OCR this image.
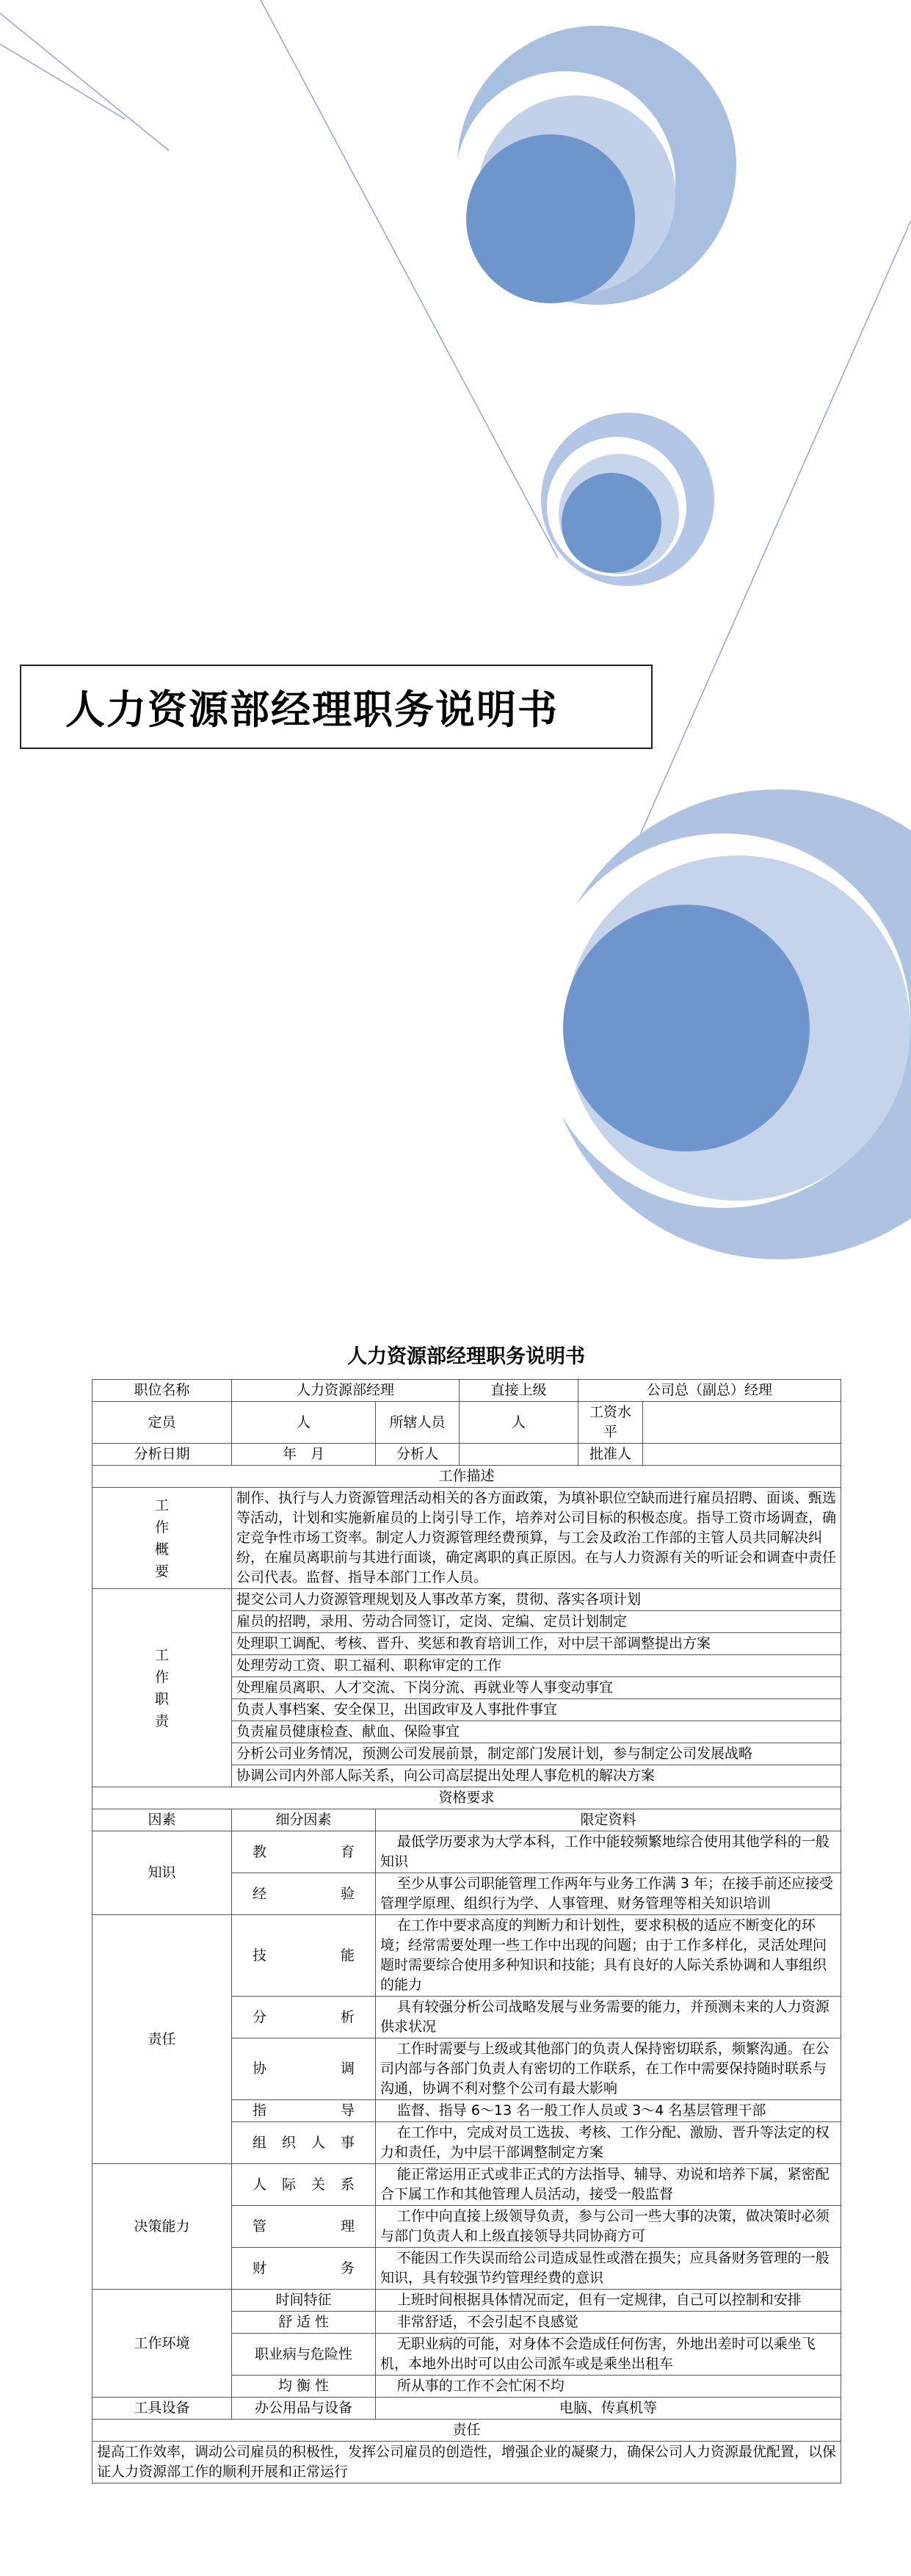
人力资源部经理职务说明书
人力资源部经理职务说明书
职位名称	人力资源部经理		直接上级	公司总（副总）经理	
定员	人	所辖人员	人	工资水平	
分析日期	年　月	分析人		批准人	
工作描述					
工作概要	制作、执行与人力资源管理活动相关的各方面政策，为填补职位空缺而进行雇员招聘、面谈、甄选等活动，计划和实施新雇员的上岗引导工作，培养对公司目标的积极态度。指导工资市场调查，确定竞争性市场工资率。制定人力资源管理经费预算，与工会及政治工作部的主管人员共同解决纠纷，在雇员离职前与其进行面谈，确定离职的真正原因。在与人力资源有关的听证会和调查中责任公司代表。监督、指导本部门工作人员。				
工作职责	提交公司人力资源管理规划及人事改革方案，贯彻、落实各项计划				
	雇员的招聘，录用、劳动合同签订，定岗、定编、定员计划制定				
	处理职工调配、考核、晋升、奖惩和教育培训工作，对中层干部调整提出方案				
	处理劳动工资、职工福利、职称审定的工作				
	处理雇员离职、人才交流、下岗分流、再就业等人事变动事宜				
	负责人事档案、安全保卫，出国政审及人事批件事宜				
	负责雇员健康检查、献血、保险事宜				
	分析公司业务情况，预测公司发展前景，制定部门发展计划，参与制定公司发展战略				
	协调公司内外部人际关系，向公司高层提出处理人事危机的解决方案				
资格要求					
因素	细分因素	限定资料			
知识	教　　育	最低学历要求为大学本科，工作中能较频繁地综合使用其他学科的一般知识			
	经　　验	至少从事公司职能管理工作两年与业务工作满 3 年；在接手前还应接受管理学原理、组织行为学、人事管理、财务管理等相关知识培训			
责任	技　　能	在工作中要求高度的判断力和计划性，要求积极的适应不断变化的环境；经常需要处理一些工作中出现的问题；由于工作多样化，灵活处理问题时需要综合使用多种知识和技能；具有良好的人际关系协调和人事组织的能力			
	分　　析	具有较强分析公司战略发展与业务需要的能力，并预测未来的人力资源供求状况			
	协　　调	工作时需要与上级或其他部门的负责人保持密切联系，频繁沟通。在公司内部与各部门负责人有密切的工作联系，在工作中需要保持随时联系与沟通，协调不利对整个公司有最大影响			
	指　　导	监督、指导 6～13 名一般工作人员或 3～4 名基层管理干部			
	组织人事	在工作中，完成对员工选拔、考核、工作分配、激励、晋升等法定的权力和责任，为中层干部调整制定方案			
决策能力	人际关系	能正常运用正式或非正式的方法指导、辅导、劝说和培养下属，紧密配合下属工作和其他管理人员活动，接受一般监督			
	管　　理	工作中向直接上级领导负责，参与公司一些大事的决策，做决策时必须与部门负责人和上级直接领导共同协商方可			
	财　　务	不能因工作失误而给公司造成显性或潜在损失；应具备财务管理的一般知识，具有较强节约管理经费的意识			
工作环境	时间特征	上班时间根据具体情况而定，但有一定规律，自己可以控制和安排			
	舒 适 性	非常舒适，不会引起不良感觉			
	职业病与危险性	无职业病的可能，对身体不会造成任何伤害，外地出差时可以乘坐飞机，本地外出时可以由公司派车或是乘坐出租车			
	均 衡 性	所从事的工作不会忙闲不均			
工具设备	办公用品与设备	电脑、传真机等			
责任					
提高工作效率，调动公司雇员的积极性，发挥公司雇员的创造性，增强企业的凝聚力，确保公司人力资源最优配置，以保证人力资源部工作的顺利开展和正常运行					
